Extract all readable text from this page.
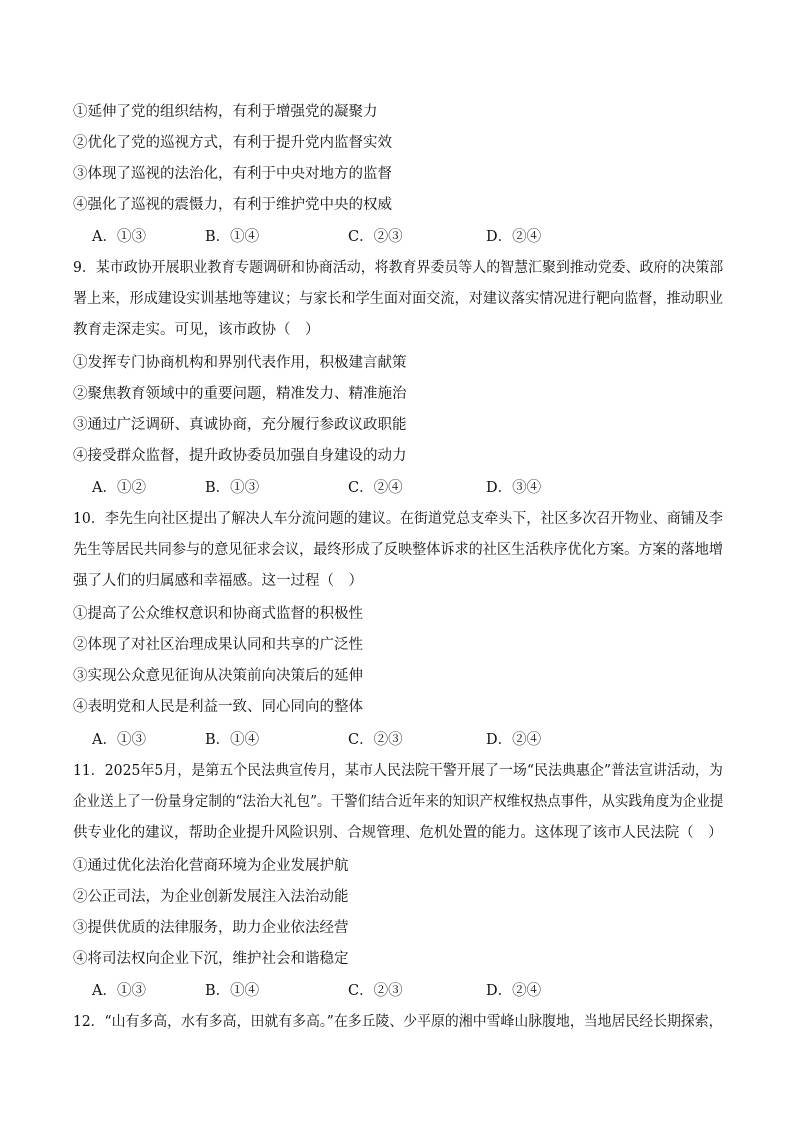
①延伸了党的组织结构，有利于增强党的凝聚力
②优化了党的巡视方式，有利于提升党内监督实效
③体现了巡视的法治化，有利于中央对地方的监督
④强化了巡视的震慑力，有利于维护党中央的权威
A．①③	B．①④	C．②③	D．②④
9．某市政协开展职业教育专题调研和协商活动，将教育界委员等人的智慧汇聚到推动党委、政府的决策部
署上来，形成建设实训基地等建议；与家长和学生面对面交流，对建议落实情况进行靶向监督，推动职业
教育走深走实。可见，该市政协（　）
①发挥专门协商机构和界别代表作用，积极建言献策
②聚焦教育领域中的重要问题，精准发力、精准施治
③通过广泛调研、真诚协商，充分履行参政议政职能
④接受群众监督，提升政协委员加强自身建设的动力
A．①②	B．①③	C．②④	D．③④
10．李先生向社区提出了解决人车分流问题的建议。在街道党总支牵头下，社区多次召开物业、商铺及李
先生等居民共同参与的意见征求会议，最终形成了反映整体诉求的社区生活秩序优化方案。方案的落地增
强了人们的归属感和幸福感。这一过程（　）
①提高了公众维权意识和协商式监督的积极性
②体现了对社区治理成果认同和共享的广泛性
③实现公众意见征询从决策前向决策后的延伸
④表明党和人民是利益一致、同心同向的整体
A．①③	B．①④	C．②③	D．②④
11．2025年5月，是第五个民法典宣传月，某市人民法院干警开展了一场“民法典惠企”普法宣讲活动，为
企业送上了一份量身定制的“法治大礼包”。干警们结合近年来的知识产权维权热点事件，从实践角度为企业提
供专业化的建议，帮助企业提升风险识别、合规管理、危机处置的能力。这体现了该市人民法院（　）
①通过优化法治化营商环境为企业发展护航
②公正司法，为企业创新发展注入法治动能
③提供优质的法律服务，助力企业依法经营
④将司法权向企业下沉，维护社会和谐稳定
A．①③	B．①④	C．②③	D．②④
12．“山有多高，水有多高，田就有多高。”在多丘陵、少平原的湘中雪峰山脉腹地，当地居民经长期探索，
